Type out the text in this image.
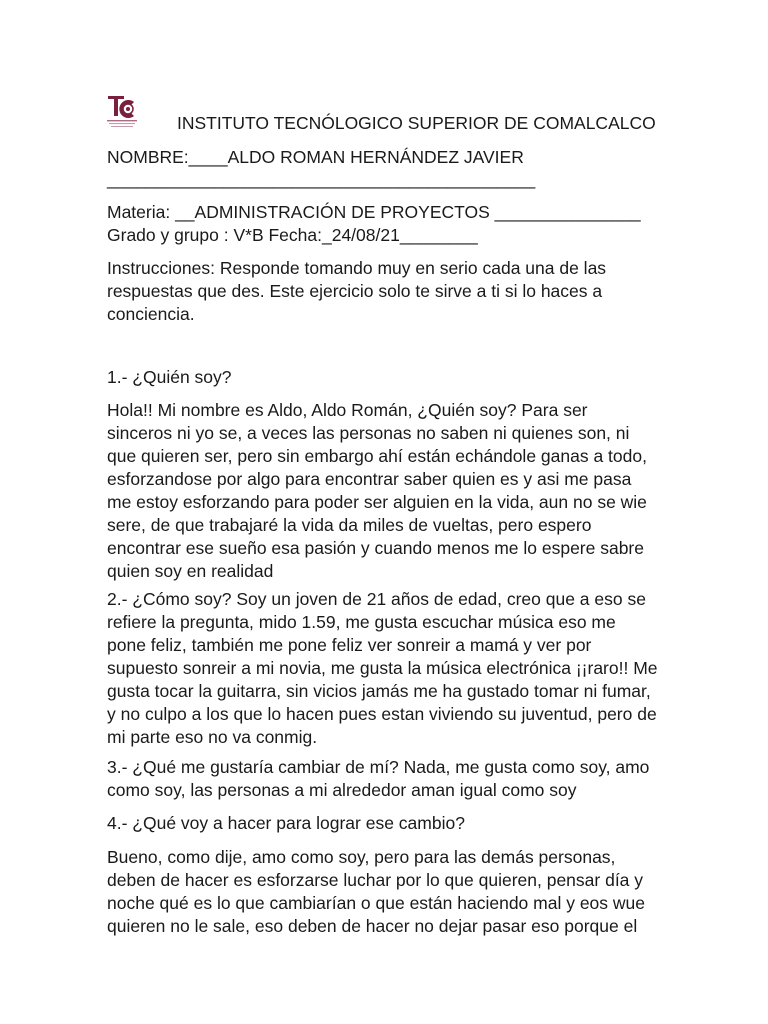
INSTITUTO TECNÓLOGICO SUPERIOR DE COMALCALCO
NOMBRE:____ALDO ROMAN HERNÁNDEZ JAVIER
____________________________________________
Materia: __ADMINISTRACIÓN DE PROYECTOS _______________
Grado y grupo : V*B Fecha:_24/08/21________
Instrucciones: Responde tomando muy en serio cada una de las
respuestas que des. Este ejercicio solo te sirve a ti si lo haces a
conciencia.
1.- ¿Quién soy?
Hola!! Mi nombre es Aldo, Aldo Román, ¿Quién soy? Para ser
sinceros ni yo se, a veces las personas no saben ni quienes son, ni
que quieren ser, pero sin embargo ahí están echándole ganas a todo,
esforzandose por algo para encontrar saber quien es y asi me pasa
me estoy esforzando para poder ser alguien en la vida, aun no se wie
sere, de que trabajaré la vida da miles de vueltas, pero espero
encontrar ese sueño esa pasión y cuando menos me lo espere sabre
quien soy en realidad
2.- ¿Cómo soy? Soy un joven de 21 años de edad, creo que a eso se
refiere la pregunta, mido 1.59, me gusta escuchar música eso me
pone feliz, también me pone feliz ver sonreir a mamá y ver por
supuesto sonreir a mi novia, me gusta la música electrónica ¡¡raro!! Me
gusta tocar la guitarra, sin vicios jamás me ha gustado tomar ni fumar,
y no culpo a los que lo hacen pues estan viviendo su juventud, pero de
mi parte eso no va conmig.
3.- ¿Qué me gustaría cambiar de mí? Nada, me gusta como soy, amo
como soy, las personas a mi alrededor aman igual como soy
4.- ¿Qué voy a hacer para lograr ese cambio?
Bueno, como dije, amo como soy, pero para las demás personas,
deben de hacer es esforzarse luchar por lo que quieren, pensar día y
noche qué es lo que cambiarían o que están haciendo mal y eos wue
quieren no le sale, eso deben de hacer no dejar pasar eso porque el
